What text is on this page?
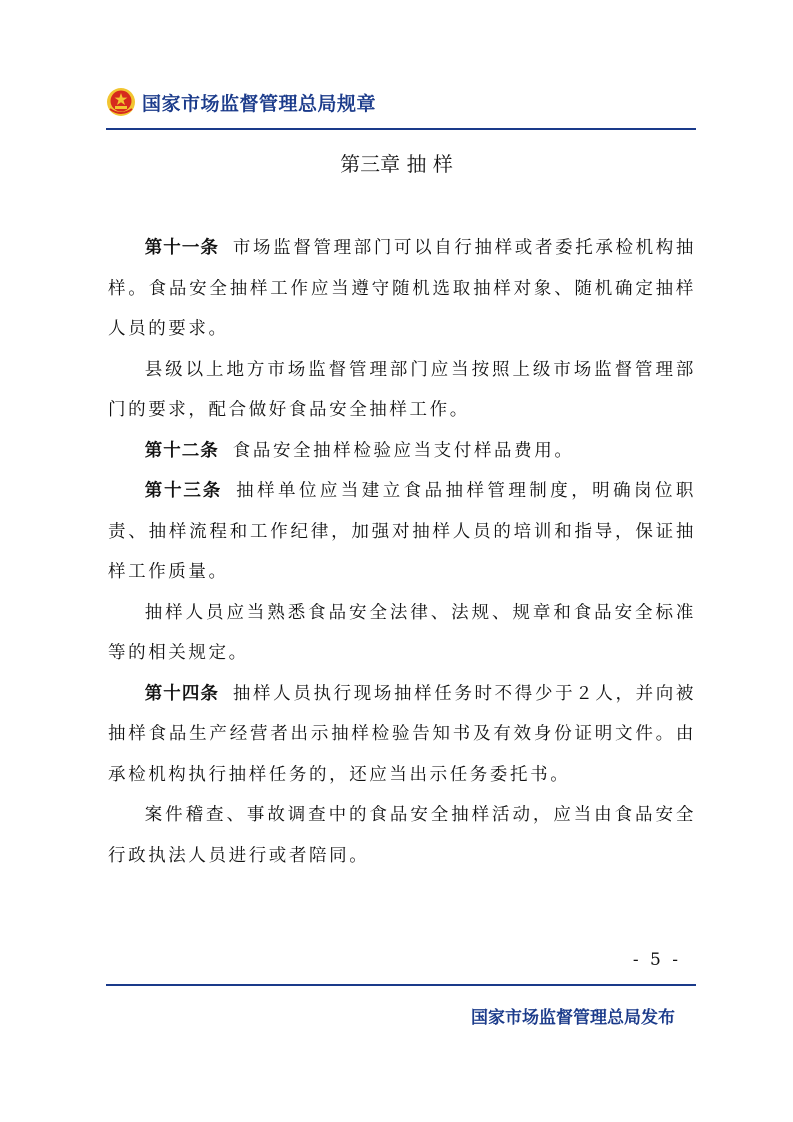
国家市场监督管理总局规章
第三章 抽 样

第十一条 市场监督管理部门可以自行抽样或者委托承检机构抽样。食品安全抽样工作应当遵守随机选取抽样对象、随机确定抽样人员的要求。

县级以上地方市场监督管理部门应当按照上级市场监督管理部门的要求，配合做好食品安全抽样工作。

第十二条 食品安全抽样检验应当支付样品费用。

第十三条 抽样单位应当建立食品抽样管理制度，明确岗位职责、抽样流程和工作纪律，加强对抽样人员的培训和指导，保证抽样工作质量。

抽样人员应当熟悉食品安全法律、法规、规章和食品安全标准等的相关规定。

第十四条 抽样人员执行现场抽样任务时不得少于２人，并向被抽样食品生产经营者出示抽样检验告知书及有效身份证明文件。由承检机构执行抽样任务的，还应当出示任务委托书。

案件稽查、事故调查中的食品安全抽样活动，应当由食品安全行政执法人员进行或者陪同。

- 5 -
国家市场监督管理总局发布
